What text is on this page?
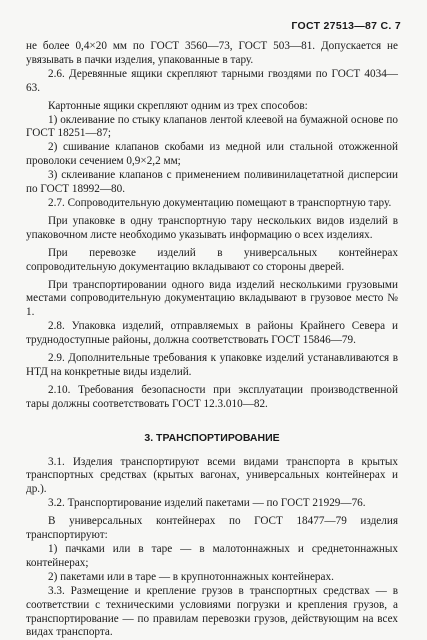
ГОСТ 27513—87 С. 7

не более 0,4×20 мм по ГОСТ 3560—73, ГОСТ 503—81. Допускается не увязывать в пачки изделия, упакованные в тару.

2.6. Деревянные ящики скрепляют тарными гвоздями по ГОСТ 4034—63.

Картонные ящики скрепляют одним из трех способов:

1) оклеивание по стыку клапанов лентой клеевой на бумажной основе по ГОСТ 18251—87;

2) сшивание клапанов скобами из медной или стальной отожженной проволоки сечением 0,9×2,2 мм;

3) склеивание клапанов с применением поливинилацетатной дисперсии по ГОСТ 18992—80.

2.7. Сопроводительную документацию помещают в транспортную тару.

При упаковке в одну транспортную тару нескольких видов изделий в упаковочном листе необходимо указывать информацию о всех изделиях.

При перевозке изделий в универсальных контейнерах сопроводительную документацию вкладывают со стороны дверей.

При транспортировании одного вида изделий несколькими грузовыми местами сопроводительную документацию вкладывают в грузовое место № 1.

2.8. Упаковка изделий, отправляемых в районы Крайнего Севера и труднодоступные районы, должна соответствовать ГОСТ 15846—79.

2.9. Дополнительные требования к упаковке изделий устанавливаются в НТД на конкретные виды изделий.

2.10. Требования безопасности при эксплуатации производственной тары должны соответствовать ГОСТ 12.3.010—82.

3. ТРАНСПОРТИРОВАНИЕ

3.1. Изделия транспортируют всеми видами транспорта в крытых транспортных средствах (крытых вагонах, универсальных контейнерах и др.).

3.2. Транспортирование изделий пакетами — по ГОСТ 21929—76.

В универсальных контейнерах по ГОСТ 18477—79 изделия транспортируют:

1) пачками или в таре — в малотоннажных и среднетоннажных контейнерах;

2) пакетами или в таре — в крупнотоннажных контейнерах.

3.3. Размещение и крепление грузов в транспортных средствах — в соответствии с техническими условиями погрузки и крепления грузов, а транспортирование — по правилам перевозки грузов, действующим на всех видах транспорта.
